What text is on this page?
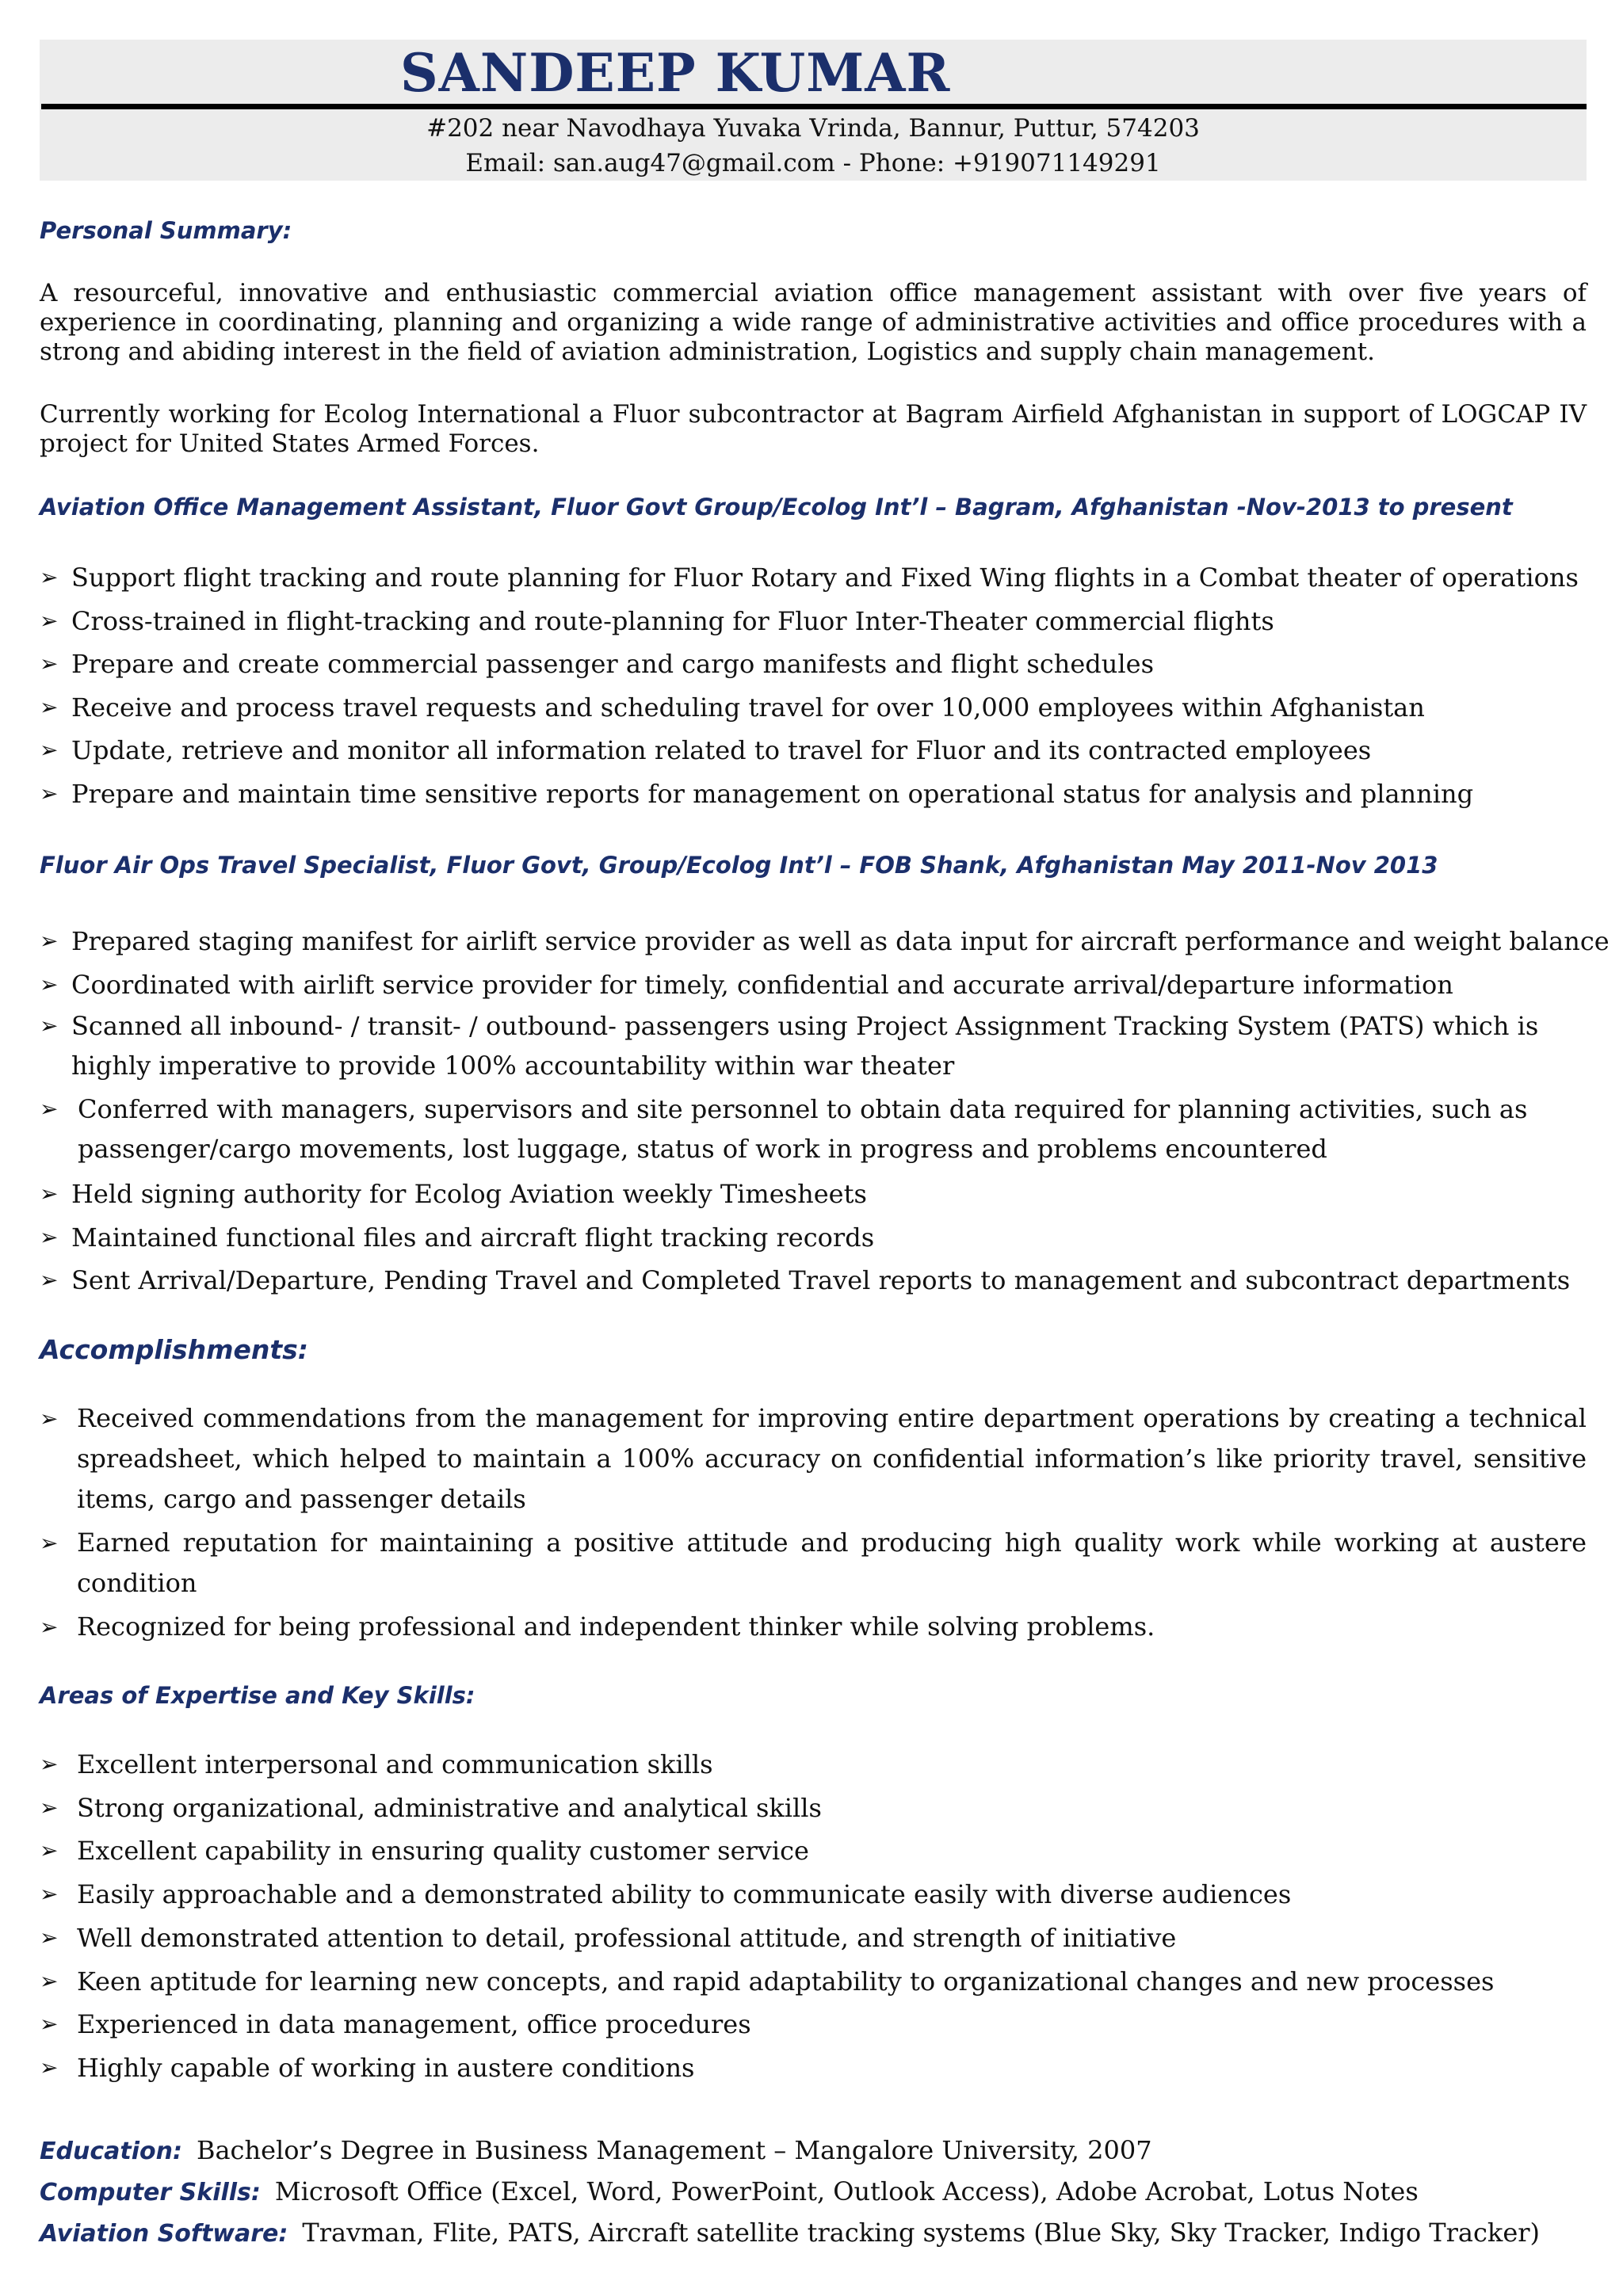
SANDEEP KUMAR
#202 near Navodhaya Yuvaka Vrinda, Bannur, Puttur, 574203
Email: san.aug47@gmail.com - Phone: +919071149291
Personal Summary:
A resourceful, innovative and enthusiastic commercial aviation office management assistant with over five years of experience in coordinating, planning and organizing a wide range of administrative activities and office procedures with a strong and abiding interest in the field of aviation administration, Logistics and supply chain management.
Currently working for Ecolog International a Fluor subcontractor at Bagram Airfield Afghanistan in support of LOGCAP IV project for United States Armed Forces.
Aviation Office Management Assistant, Fluor Govt Group/Ecolog Int’l – Bagram, Afghanistan -Nov-2013 to present
➢ Support flight tracking and route planning for Fluor Rotary and Fixed Wing flights in a Combat theater of operations
➢ Cross-trained in flight-tracking and route-planning for Fluor Inter-Theater commercial flights
➢ Prepare and create commercial passenger and cargo manifests and flight schedules
➢ Receive and process travel requests and scheduling travel for over 10,000 employees within Afghanistan
➢ Update, retrieve and monitor all information related to travel for Fluor and its contracted employees
➢ Prepare and maintain time sensitive reports for management on operational status for analysis and planning
Fluor Air Ops Travel Specialist, Fluor Govt, Group/Ecolog Int’l – FOB Shank, Afghanistan May 2011-Nov 2013
➢ Prepared staging manifest for airlift service provider as well as data input for aircraft performance and weight balance
➢ Coordinated with airlift service provider for timely, confidential and accurate arrival/departure information
➢ Scanned all inbound- / transit- / outbound- passengers using Project Assignment Tracking System (PATS) which is highly imperative to provide 100% accountability within war theater
➢ Conferred with managers, supervisors and site personnel to obtain data required for planning activities, such as passenger/cargo movements, lost luggage, status of work in progress and problems encountered
➢ Held signing authority for Ecolog Aviation weekly Timesheets
➢ Maintained functional files and aircraft flight tracking records
➢ Sent Arrival/Departure, Pending Travel and Completed Travel reports to management and subcontract departments
Accomplishments:
➢ Received commendations from the management for improving entire department operations by creating a technical spreadsheet, which helped to maintain a 100% accuracy on confidential information’s like priority travel, sensitive items, cargo and passenger details
➢ Earned reputation for maintaining a positive attitude and producing high quality work while working at austere condition
➢ Recognized for being professional and independent thinker while solving problems.
Areas of Expertise and Key Skills:
➢ Excellent interpersonal and communication skills
➢ Strong organizational, administrative and analytical skills
➢ Excellent capability in ensuring quality customer service
➢ Easily approachable and a demonstrated ability to communicate easily with diverse audiences
➢ Well demonstrated attention to detail, professional attitude, and strength of initiative
➢ Keen aptitude for learning new concepts, and rapid adaptability to organizational changes and new processes
➢ Experienced in data management, office procedures
➢ Highly capable of working in austere conditions
Education: Bachelor’s Degree in Business Management – Mangalore University, 2007
Computer Skills: Microsoft Office (Excel, Word, PowerPoint, Outlook Access), Adobe Acrobat, Lotus Notes
Aviation Software: Travman, Flite, PATS, Aircraft satellite tracking systems (Blue Sky, Sky Tracker, Indigo Tracker)
